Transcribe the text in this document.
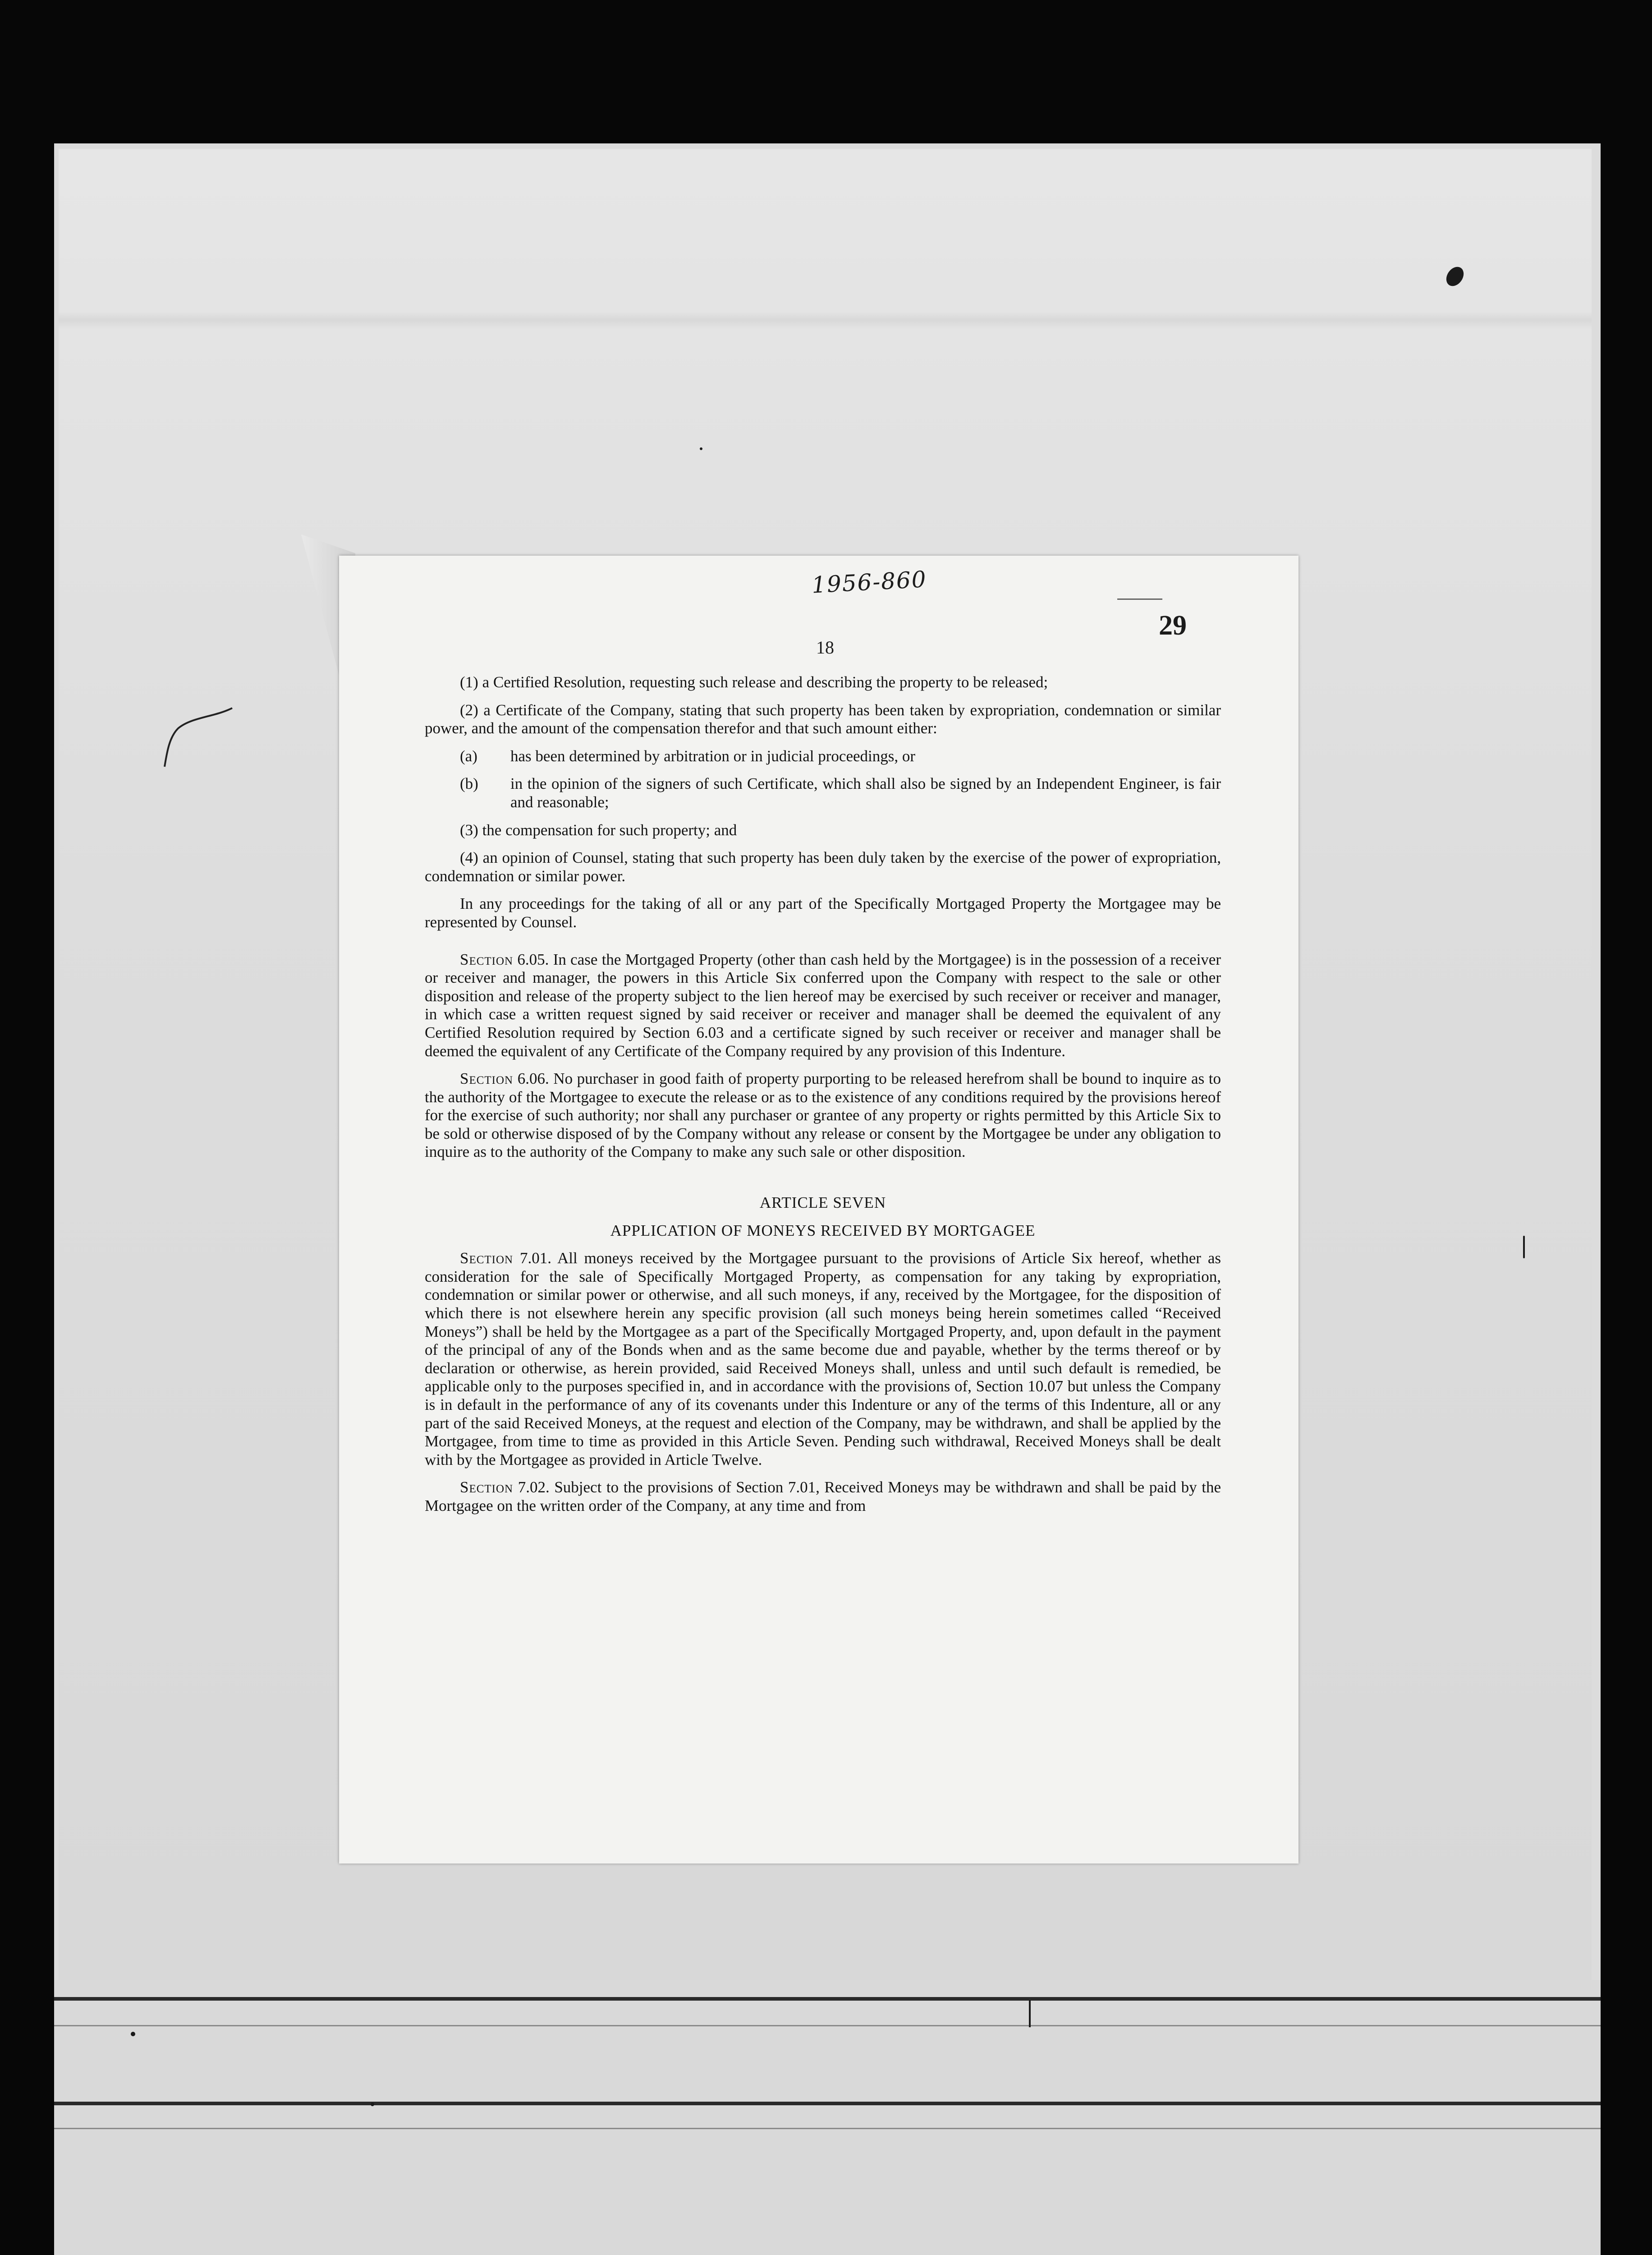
1956-860
29
18

(1) a Certified Resolution, requesting such release and describing the property to be released;

(2) a Certificate of the Company, stating that such property has been taken by expropriation, condemnation or similar power, and the amount of the compensation therefor and that such amount either:

(a)	has been determined by arbitration or in judicial proceedings, or
(b)	in the opinion of the signers of such Certificate, which shall also be signed by an Independent Engineer, is fair and reasonable;

(3) the compensation for such property; and

(4) an opinion of Counsel, stating that such property has been duly taken by the exercise of the power of expropriation, condemnation or similar power.

In any proceedings for the taking of all or any part of the Specifically Mortgaged Property the Mortgagee may be represented by Counsel.

Section 6.05. In case the Mortgaged Property (other than cash held by the Mortgagee) is in the possession of a receiver or receiver and manager, the powers in this Article Six conferred upon the Company with respect to the sale or other disposition and release of the property subject to the lien hereof may be exercised by such receiver or receiver and manager, in which case a written request signed by said receiver or receiver and manager shall be deemed the equivalent of any Certified Resolution required by Section 6.03 and a certificate signed by such receiver or receiver and manager shall be deemed the equivalent of any Certificate of the Company required by any provision of this Indenture.

Section 6.06. No purchaser in good faith of property purporting to be released herefrom shall be bound to inquire as to the authority of the Mortgagee to execute the release or as to the existence of any conditions required by the provisions hereof for the exercise of such authority; nor shall any purchaser or grantee of any property or rights permitted by this Article Six to be sold or otherwise disposed of by the Company without any release or consent by the Mortgagee be under any obligation to inquire as to the authority of the Company to make any such sale or other disposition.

ARTICLE SEVEN

APPLICATION OF MONEYS RECEIVED BY MORTGAGEE

Section 7.01. All moneys received by the Mortgagee pursuant to the provisions of Article Six hereof, whether as consideration for the sale of Specifically Mortgaged Property, as compensation for any taking by expropriation, condemnation or similar power or otherwise, and all such moneys, if any, received by the Mortgagee, for the disposition of which there is not elsewhere herein any specific provision (all such moneys being herein sometimes called “Received Moneys”) shall be held by the Mortgagee as a part of the Specifically Mortgaged Property, and, upon default in the payment of the principal of any of the Bonds when and as the same become due and payable, whether by the terms thereof or by declaration or otherwise, as herein provided, said Received Moneys shall, unless and until such default is remedied, be applicable only to the purposes specified in, and in accordance with the provisions of, Section 10.07 but unless the Company is in default in the performance of any of its covenants under this Indenture or any of the terms of this Indenture, all or any part of the said Received Moneys, at the request and election of the Company, may be withdrawn, and shall be applied by the Mortgagee, from time to time as provided in this Article Seven. Pending such withdrawal, Received Moneys shall be dealt with by the Mortgagee as provided in Article Twelve.

Section 7.02. Subject to the provisions of Section 7.01, Received Moneys may be withdrawn and shall be paid by the Mortgagee on the written order of the Company, at any time and from
